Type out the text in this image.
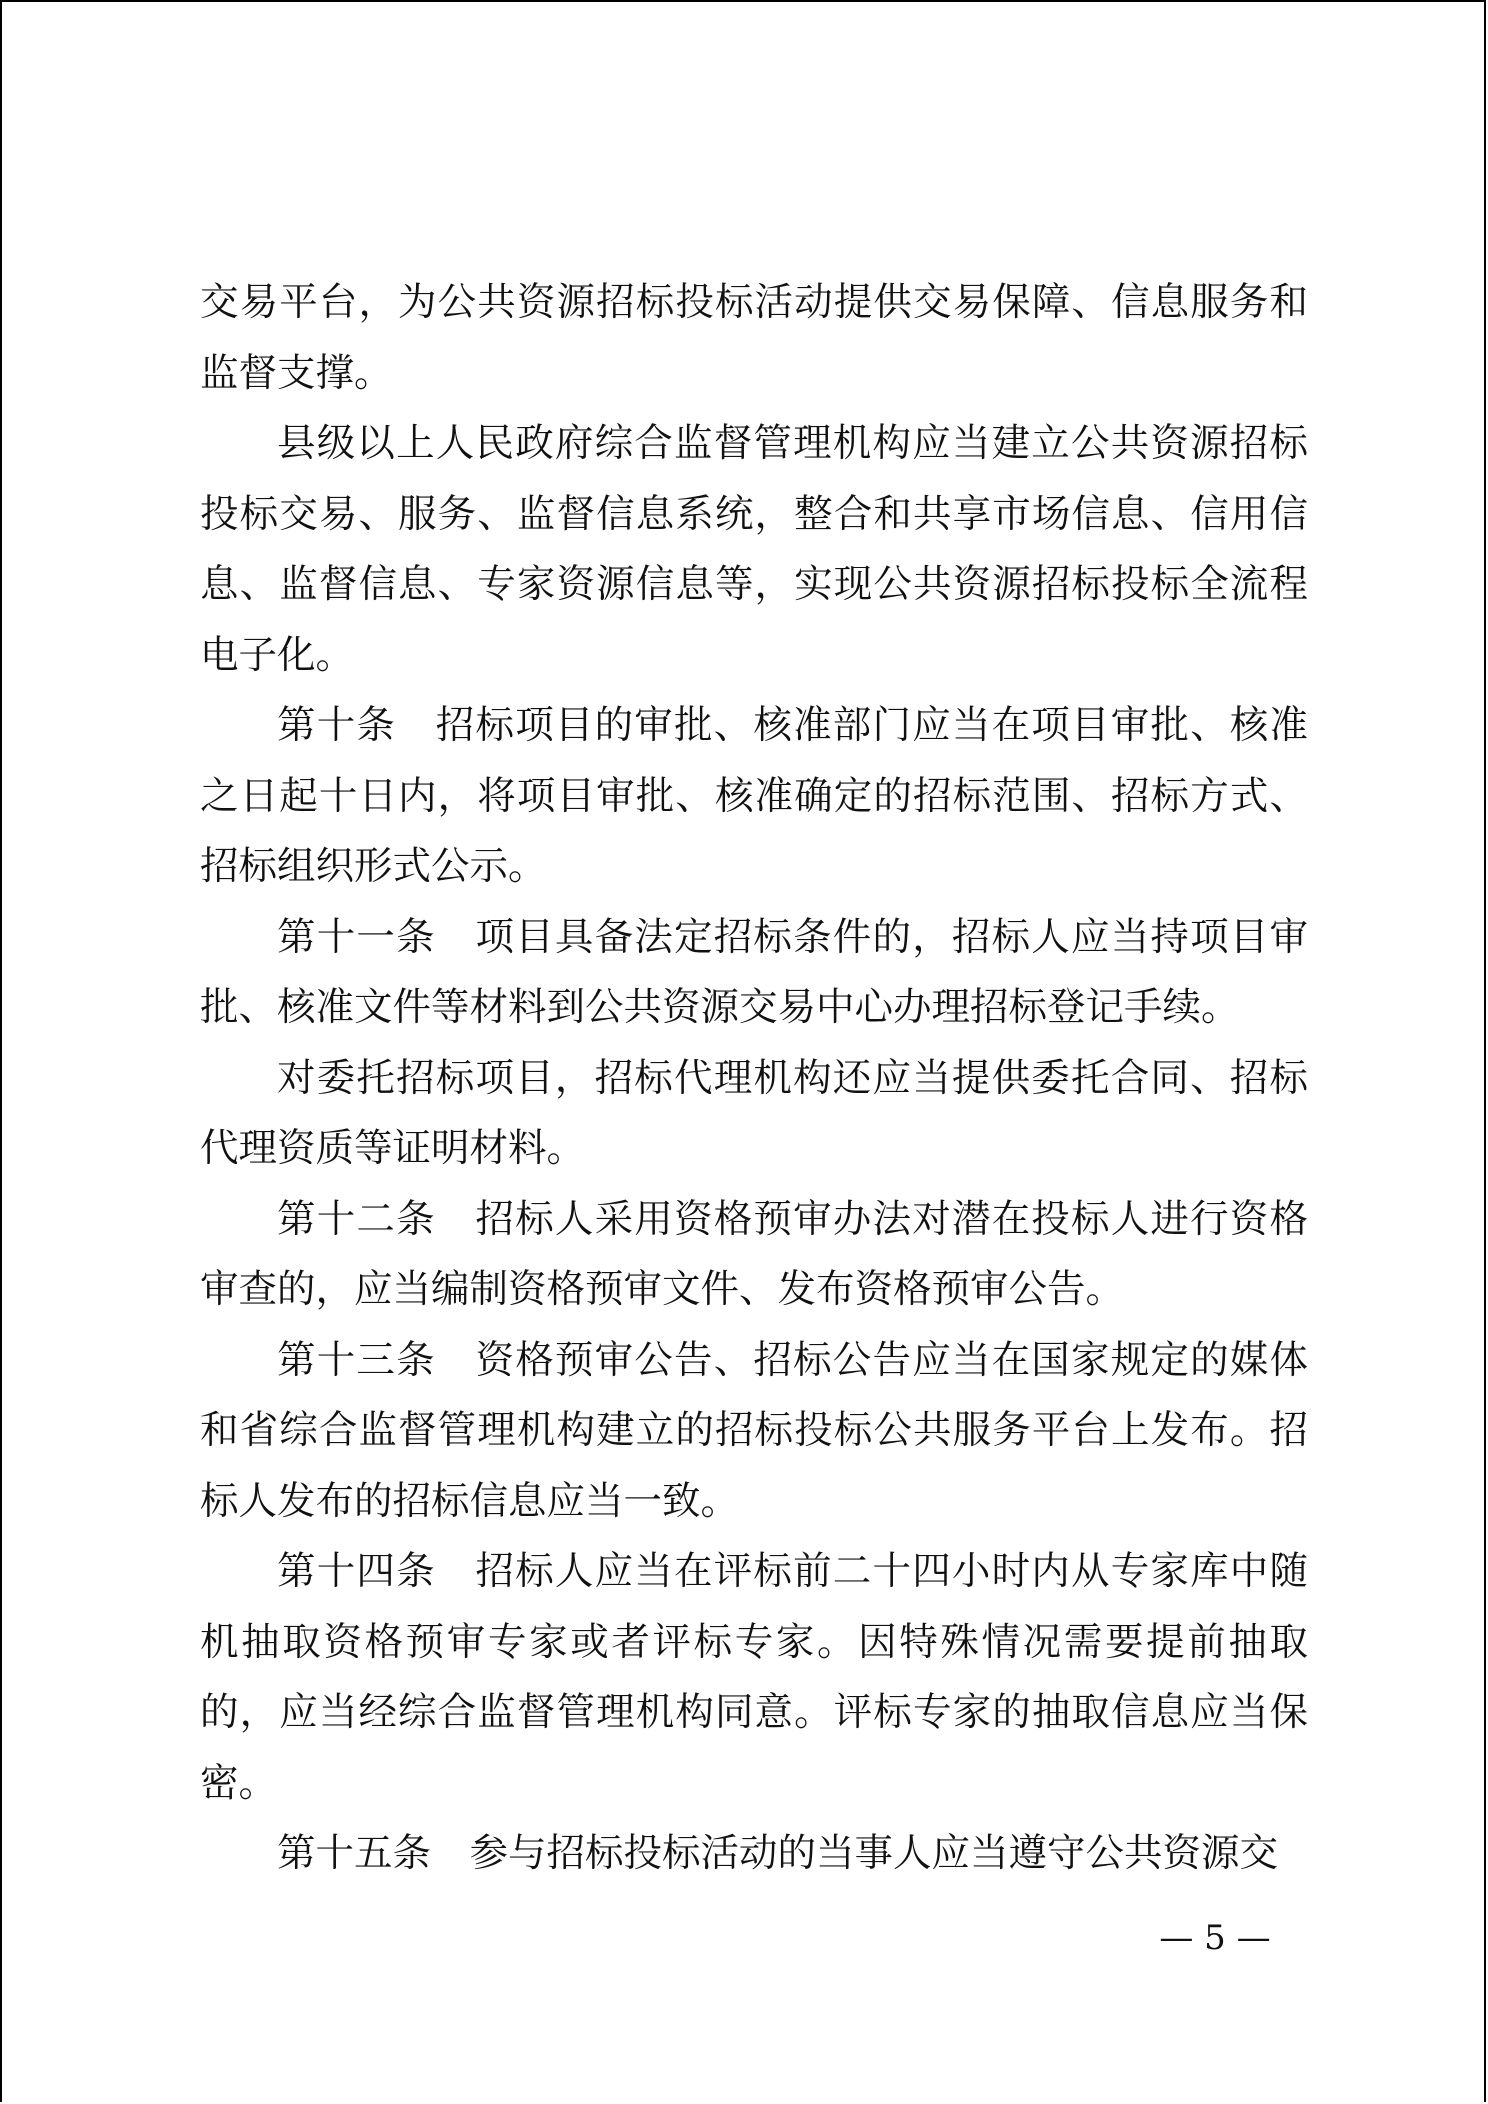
交易平台，为公共资源招标投标活动提供交易保障、信息服务和监督支撑。

县级以上人民政府综合监督管理机构应当建立公共资源招标投标交易、服务、监督信息系统，整合和共享市场信息、信用信息、监督信息、专家资源信息等，实现公共资源招标投标全流程电子化。

第十条　招标项目的审批、核准部门应当在项目审批、核准之日起十日内，将项目审批、核准确定的招标范围、招标方式、招标组织形式公示。

第十一条　项目具备法定招标条件的，招标人应当持项目审批、核准文件等材料到公共资源交易中心办理招标登记手续。

对委托招标项目，招标代理机构还应当提供委托合同、招标代理资质等证明材料。

第十二条　招标人采用资格预审办法对潜在投标人进行资格审查的，应当编制资格预审文件、发布资格预审公告。

第十三条　资格预审公告、招标公告应当在国家规定的媒体和省综合监督管理机构建立的招标投标公共服务平台上发布。招标人发布的招标信息应当一致。

第十四条　招标人应当在评标前二十四小时内从专家库中随机抽取资格预审专家或者评标专家。因特殊情况需要提前抽取的，应当经综合监督管理机构同意。评标专家的抽取信息应当保密。

第十五条　参与招标投标活动的当事人应当遵守公共资源交

— 5 —
